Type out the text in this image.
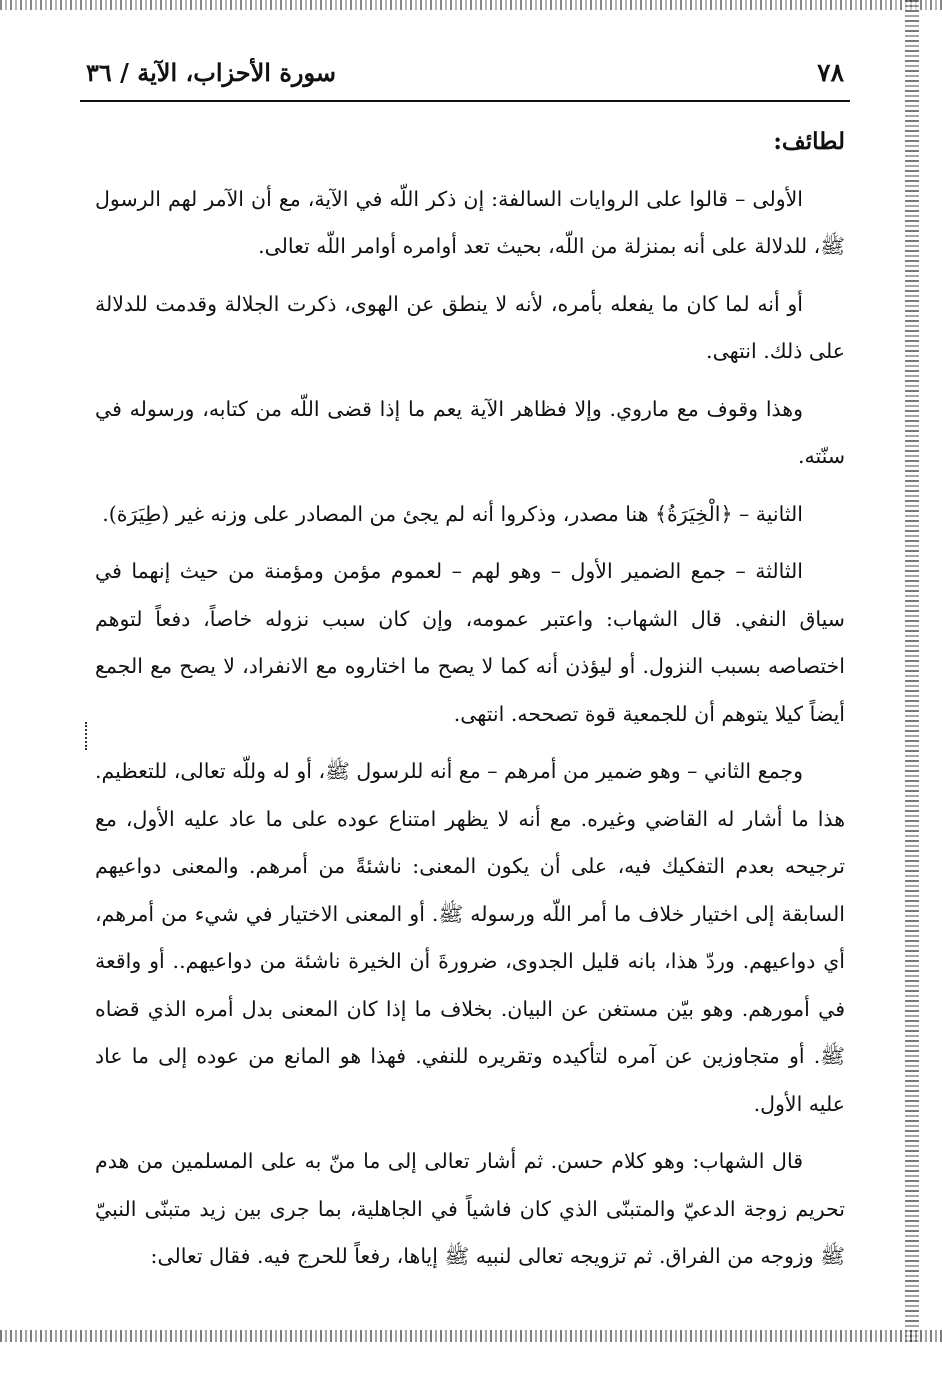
٧٨
سورة الأحزاب، الآية / ٣٦
لطائف:

الأولى – قالوا على الروايات السالفة: إن ذكر اللّه في الآية، مع أن الآمر لهم الرسول ﷺ، للدلالة على أنه بمنزلة من اللّه، بحيث تعد أوامره أوامر اللّه تعالى.

أو أنه لما كان ما يفعله بأمره، لأنه لا ينطق عن الهوى، ذكرت الجلالة وقدمت للدلالة على ذلك. انتهى.

وهذا وقوف مع ماروي. وإلا فظاهر الآية يعم ما إذا قضى اللّه من كتابه، ورسوله في سنّته.

الثانية – ﴿الْخِيَرَةُ﴾ هنا مصدر، وذكروا أنه لم يجئ من المصادر على وزنه غير (طِيَرَة).

الثالثة – جمع الضمير الأول – وهو لهم – لعموم مؤمن ومؤمنة من حيث إنهما في سياق النفي. قال الشهاب: واعتبر عمومه، وإن كان سبب نزوله خاصاً، دفعاً لتوهم اختصاصه بسبب النزول. أو ليؤذن أنه كما لا يصح ما اختاروه مع الانفراد، لا يصح مع الجمع أيضاً كيلا يتوهم أن للجمعية قوة تصححه. انتهى.

وجمع الثاني – وهو ضمير من أمرهم – مع أنه للرسول ﷺ، أو له وللّه تعالى، للتعظيم. هذا ما أشار له القاضي وغيره. مع أنه لا يظهر امتناع عوده على ما عاد عليه الأول، مع ترجيحه بعدم التفكيك فيه، على أن يكون المعنى: ناشئةً من أمرهم. والمعنى دواعيهم السابقة إلى اختيار خلاف ما أمر اللّه ورسوله ﷺ. أو المعنى الاختيار في شيء من أمرهم، أي دواعيهم. وردّ هذا، بانه قليل الجدوى، ضرورةَ أن الخيرة ناشئة من دواعيهم.. أو واقعة في أمورهم. وهو بيّن مستغن عن البيان. بخلاف ما إذا كان المعنى بدل أمره الذي قضاه ﷺ. أو متجاوزين عن آمره لتأكيده وتقريره للنفي. فهذا هو المانع من عوده إلى ما عاد عليه الأول.

قال الشهاب: وهو كلام حسن. ثم أشار تعالى إلى ما منّ به على المسلمين من هدم تحريم زوجة الدعيّ والمتبنّى الذي كان فاشياً في الجاهلية، بما جرى بين زيد متبنّى النبيّ ﷺ وزوجه من الفراق. ثم تزويجه تعالى لنبيه ﷺ إياها، رفعاً للحرج فيه. فقال تعالى:
